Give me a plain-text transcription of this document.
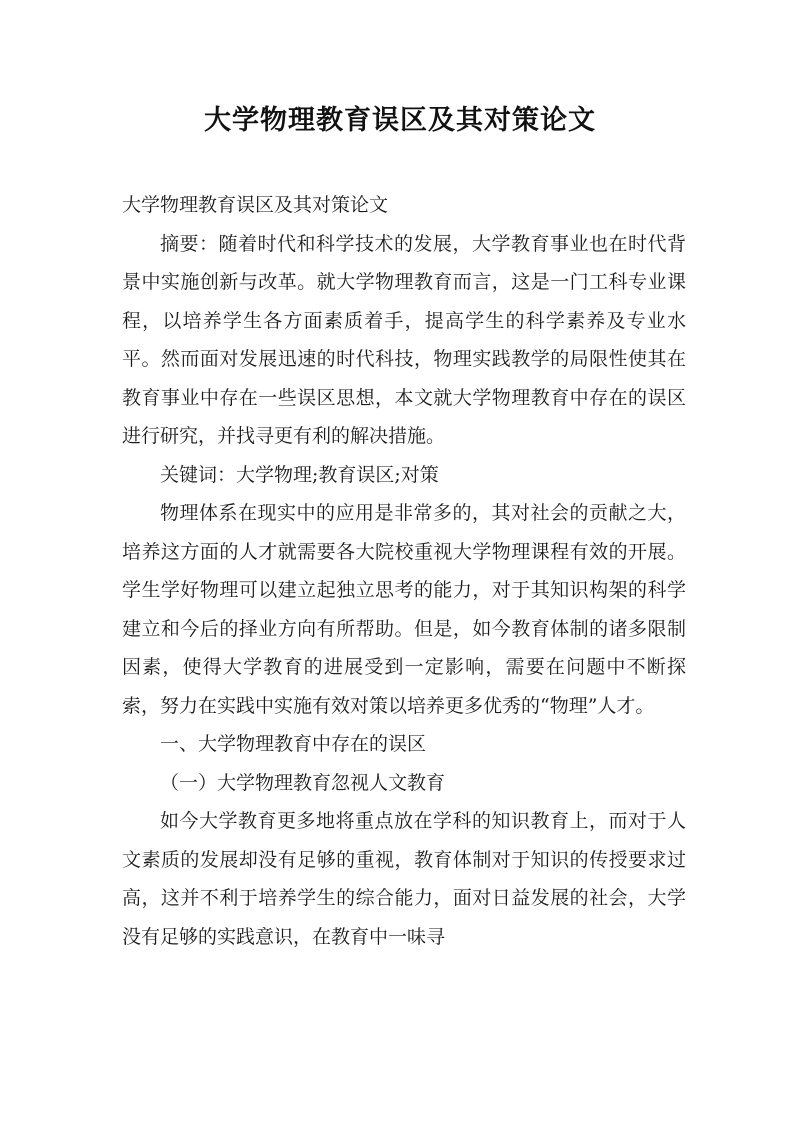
大学物理教育误区及其对策论文

大学物理教育误区及其对策论文

摘要：随着时代和科学技术的发展，大学教育事业也在时代背景中实施创新与改革。就大学物理教育而言，这是一门工科专业课程，以培养学生各方面素质着手，提高学生的科学素养及专业水平。然而面对发展迅速的时代科技，物理实践教学的局限性使其在教育事业中存在一些误区思想，本文就大学物理教育中存在的误区进行研究，并找寻更有利的解决措施。

关键词：大学物理;教育误区;对策

物理体系在现实中的应用是非常多的，其对社会的贡献之大，培养这方面的人才就需要各大院校重视大学物理课程有效的开展。学生学好物理可以建立起独立思考的能力，对于其知识构架的科学建立和今后的择业方向有所帮助。但是，如今教育体制的诸多限制因素，使得大学教育的进展受到一定影响，需要在问题中不断探索，努力在实践中实施有效对策以培养更多优秀的“物理”人才。

一、大学物理教育中存在的误区

（一）大学物理教育忽视人文教育

如今大学教育更多地将重点放在学科的知识教育上，而对于人文素质的发展却没有足够的重视，教育体制对于知识的传授要求过高，这并不利于培养学生的综合能力，面对日益发展的社会，大学没有足够的实践意识，在教育中一味寻
